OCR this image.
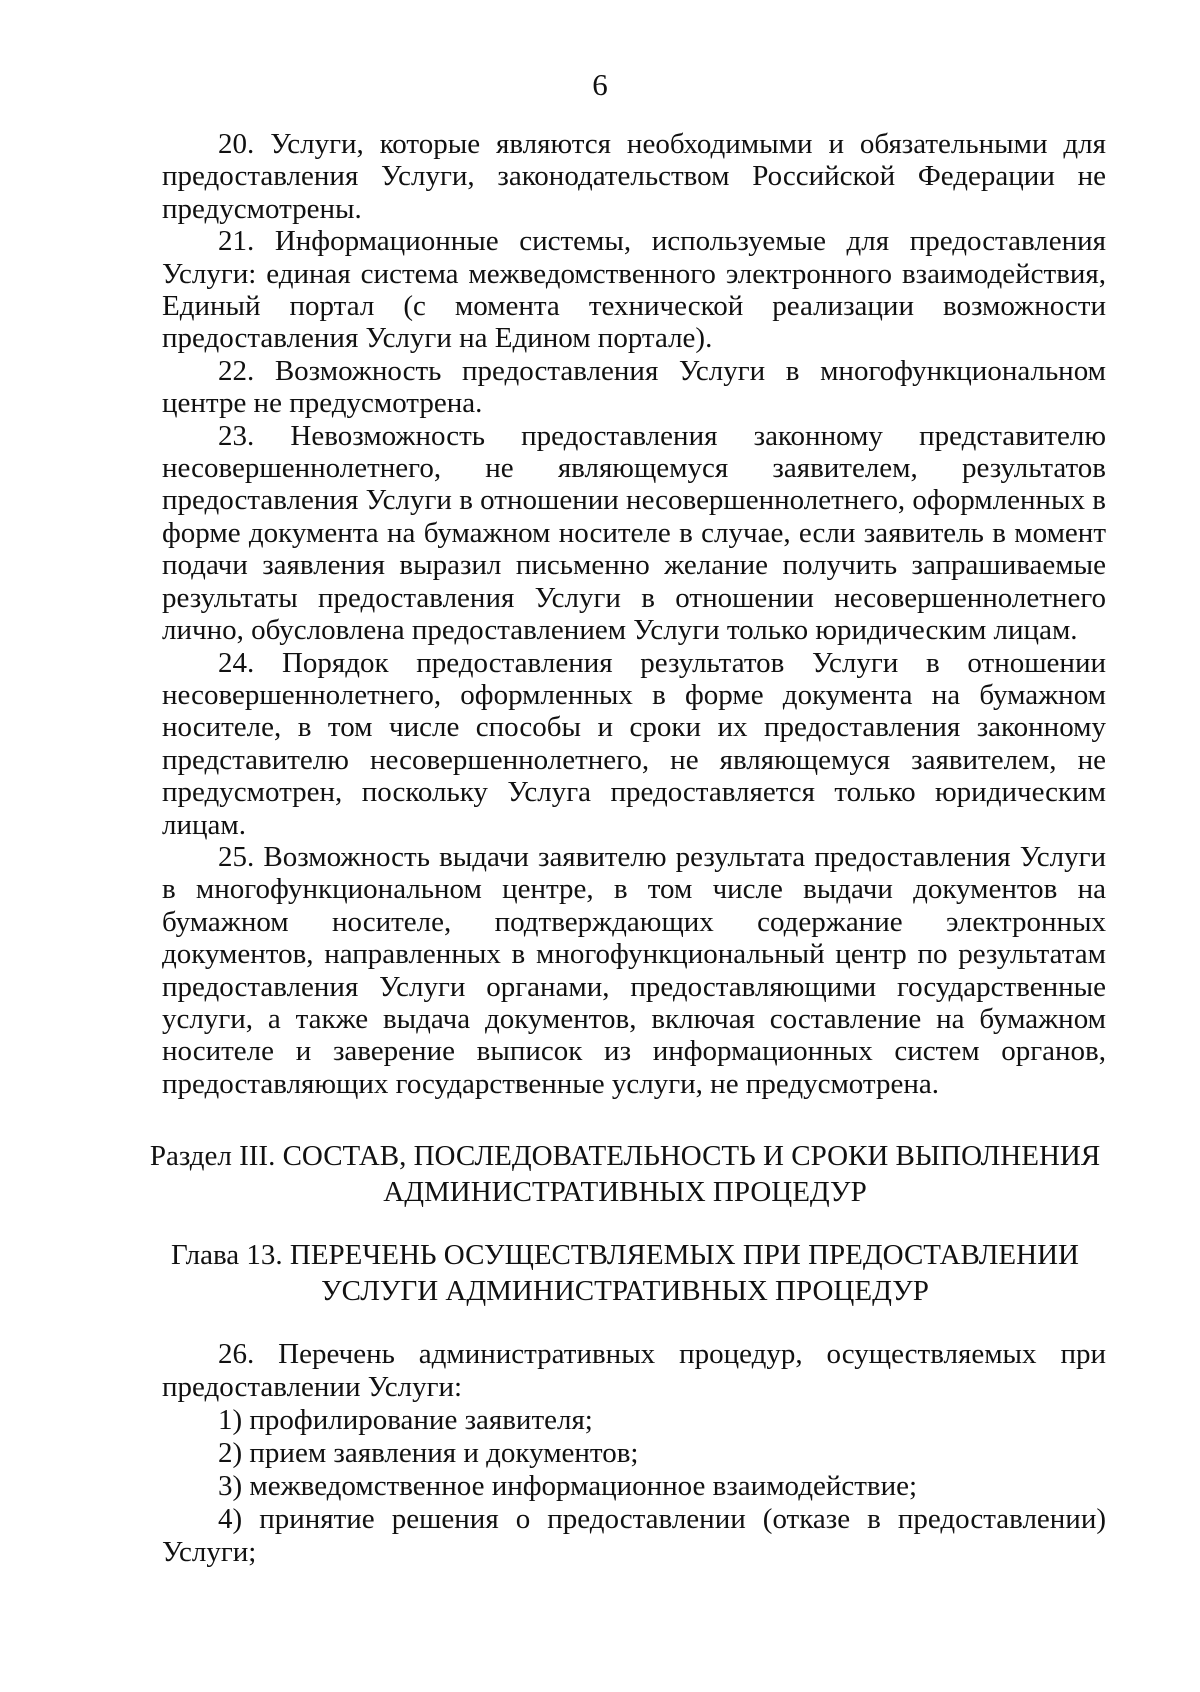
6

20. Услуги, которые являются необходимыми и обязательными для предоставления Услуги, законодательством Российской Федерации не предусмотрены.

21. Информационные системы, используемые для предоставления Услуги: единая система межведомственного электронного взаимодействия, Единый портал (с момента технической реализации возможности предоставления Услуги на Едином портале).

22. Возможность предоставления Услуги в многофункциональном центре не предусмотрена.

23. Невозможность предоставления законному представителю несовершеннолетнего, не являющемуся заявителем, результатов предоставления Услуги в отношении несовершеннолетнего, оформленных в форме документа на бумажном носителе в случае, если заявитель в момент подачи заявления выразил письменно желание получить запрашиваемые результаты предоставления Услуги в отношении несовершеннолетнего лично, обусловлена предоставлением Услуги только юридическим лицам.

24. Порядок предоставления результатов Услуги в отношении несовершеннолетнего, оформленных в форме документа на бумажном носителе, в том числе способы и сроки их предоставления законному представителю несовершеннолетнего, не являющемуся заявителем, не предусмотрен, поскольку Услуга предоставляется только юридическим лицам.

25. Возможность выдачи заявителю результата предоставления Услуги в многофункциональном центре, в том числе выдачи документов на бумажном носителе, подтверждающих содержание электронных документов, направленных в многофункциональный центр по результатам предоставления Услуги органами, предоставляющими государственные услуги, а также выдача документов, включая составление на бумажном носителе и заверение выписок из информационных систем органов, предоставляющих государственные услуги, не предусмотрена.

Раздел III. СОСТАВ, ПОСЛЕДОВАТЕЛЬНОСТЬ И СРОКИ ВЫПОЛНЕНИЯ
АДМИНИСТРАТИВНЫХ ПРОЦЕДУР
Глава 13. ПЕРЕЧЕНЬ ОСУЩЕСТВЛЯЕМЫХ ПРИ ПРЕДОСТАВЛЕНИИ
УСЛУГИ АДМИНИСТРАТИВНЫХ ПРОЦЕДУР

26. Перечень административных процедур, осуществляемых при предоставлении Услуги:

1) профилирование заявителя;

2) прием заявления и документов;

3) межведомственное информационное взаимодействие;

4) принятие решения о предоставлении (отказе в предоставлении) Услуги;
